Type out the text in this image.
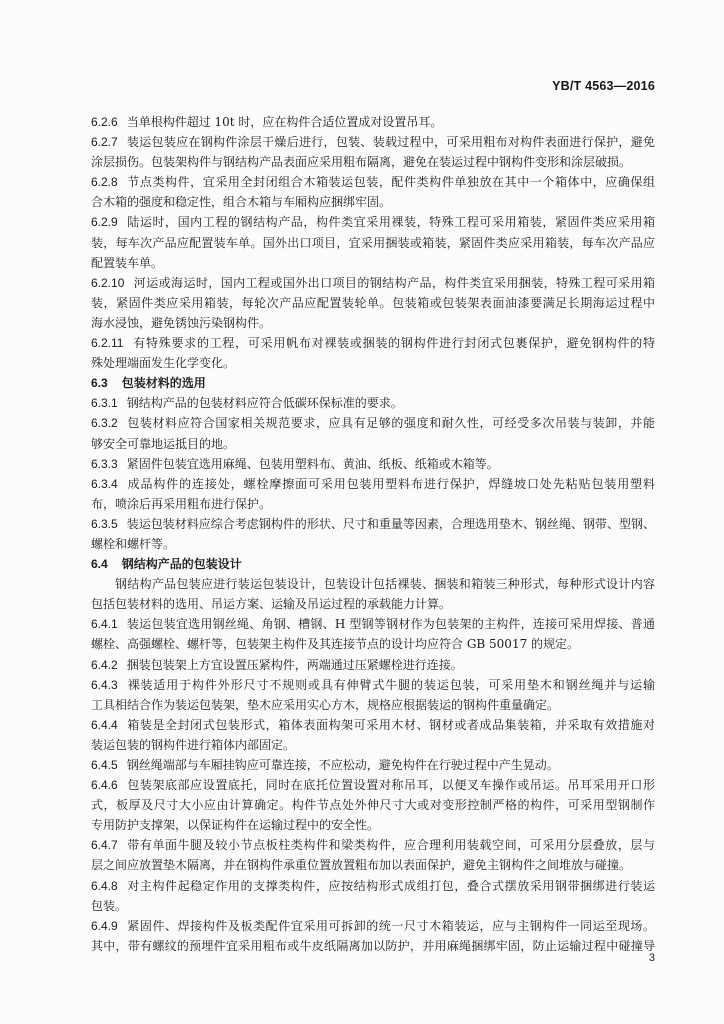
YB/T 4563—2016
6.2.6 当单根构件超过 10t 时，应在构件合适位置成对设置吊耳。
6.2.7 装运包装应在钢构件涂层干燥后进行，包装、装载过程中，可采用粗布对构件表面进行保护，避免
涂层损伤。包装架构件与钢结构产品表面应采用粗布隔离，避免在装运过程中钢构件变形和涂层破损。
6.2.8 节点类构件，宜采用全封闭组合木箱装运包装，配件类构件单独放在其中一个箱体中，应确保组
合木箱的强度和稳定性，组合木箱与车厢构应捆绑牢固。
6.2.9 陆运时，国内工程的钢结构产品，构件类宜采用裸装，特殊工程可采用箱装，紧固件类应采用箱
装，每车次产品应配置装车单。国外出口项目，宜采用捆装或箱装，紧固件类应采用箱装，每车次产品应
配置装车单。
6.2.10 河运或海运时，国内工程或国外出口项目的钢结构产品，构件类宜采用捆装，特殊工程可采用箱
装，紧固件类应采用箱装，每轮次产品应配置装轮单。包装箱或包装架表面油漆要满足长期海运过程中
海水浸蚀，避免锈蚀污染钢构件。
6.2.11 有特殊要求的工程，可采用帆布对裸装或捆装的钢构件进行封闭式包裹保护，避免钢构件的特
殊处理端面发生化学变化。
6.3 包装材料的选用
6.3.1 钢结构产品的包装材料应符合低碳环保标准的要求。
6.3.2 包装材料应符合国家相关规范要求，应具有足够的强度和耐久性，可经受多次吊装与装卸，并能
够安全可靠地运抵目的地。
6.3.3 紧固件包装宜选用麻绳、包装用塑料布、黄油、纸板、纸箱或木箱等。
6.3.4 成品构件的连接处，螺栓摩擦面可采用包装用塑料布进行保护，焊缝坡口处先粘贴包装用塑料
布，喷涂后再采用粗布进行保护。
6.3.5 装运包装材料应综合考虑钢构件的形状、尺寸和重量等因素，合理选用垫木、钢丝绳、钢带、型钢、
螺栓和螺杆等。
6.4 钢结构产品的包装设计
钢结构产品包装应进行装运包装设计，包装设计包括裸装、捆装和箱装三种形式，每种形式设计内容
包括包装材料的选用、吊运方案、运输及吊运过程的承载能力计算。
6.4.1 装运包装宜选用钢丝绳、角钢、槽钢、H 型钢等钢材作为包装架的主构件，连接可采用焊接、普通
螺栓、高强螺栓、螺杆等，包装架主构件及其连接节点的设计均应符合 GB 50017 的规定。
6.4.2 捆装包装架上方宜设置压紧构件，两端通过压紧螺栓进行连接。
6.4.3 裸装适用于构件外形尺寸不规则或具有伸臂式牛腿的装运包装，可采用垫木和钢丝绳并与运输
工具相结合作为装运包装架，垫木应采用实心方木，规格应根据装运的钢构件重量确定。
6.4.4 箱装是全封闭式包装形式，箱体表面构架可采用木材、钢材或者成品集装箱，并采取有效措施对
装运包装的钢构件进行箱体内部固定。
6.4.5 钢丝绳端部与车厢挂钩应可靠连接，不应松动，避免构件在行驶过程中产生晃动。
6.4.6 包装架底部应设置底托，同时在底托位置设置对称吊耳，以便叉车操作或吊运。吊耳采用开口形
式，板厚及尺寸大小应由计算确定。构件节点处外伸尺寸大或对变形控制严格的构件，可采用型钢制作
专用防护支撑架，以保证构件在运输过程中的安全性。
6.4.7 带有单面牛腿及较小节点板柱类构件和梁类构件，应合理利用装载空间，可采用分层叠放，层与
层之间应放置垫木隔离，并在钢构件承重位置放置粗布加以表面保护，避免主钢构件之间堆放与碰撞。
6.4.8 对主构件起稳定作用的支撑类构件，应按结构形式成组打包，叠合式摆放采用钢带捆绑进行装运
包装。
6.4.9 紧固件、焊接构件及板类配件宜采用可拆卸的统一尺寸木箱装运，应与主钢构件一同运至现场。
其中，带有螺纹的预埋件宜采用粗布或牛皮纸隔离加以防护，并用麻绳捆绑牢固，防止运输过程中碰撞导
3
